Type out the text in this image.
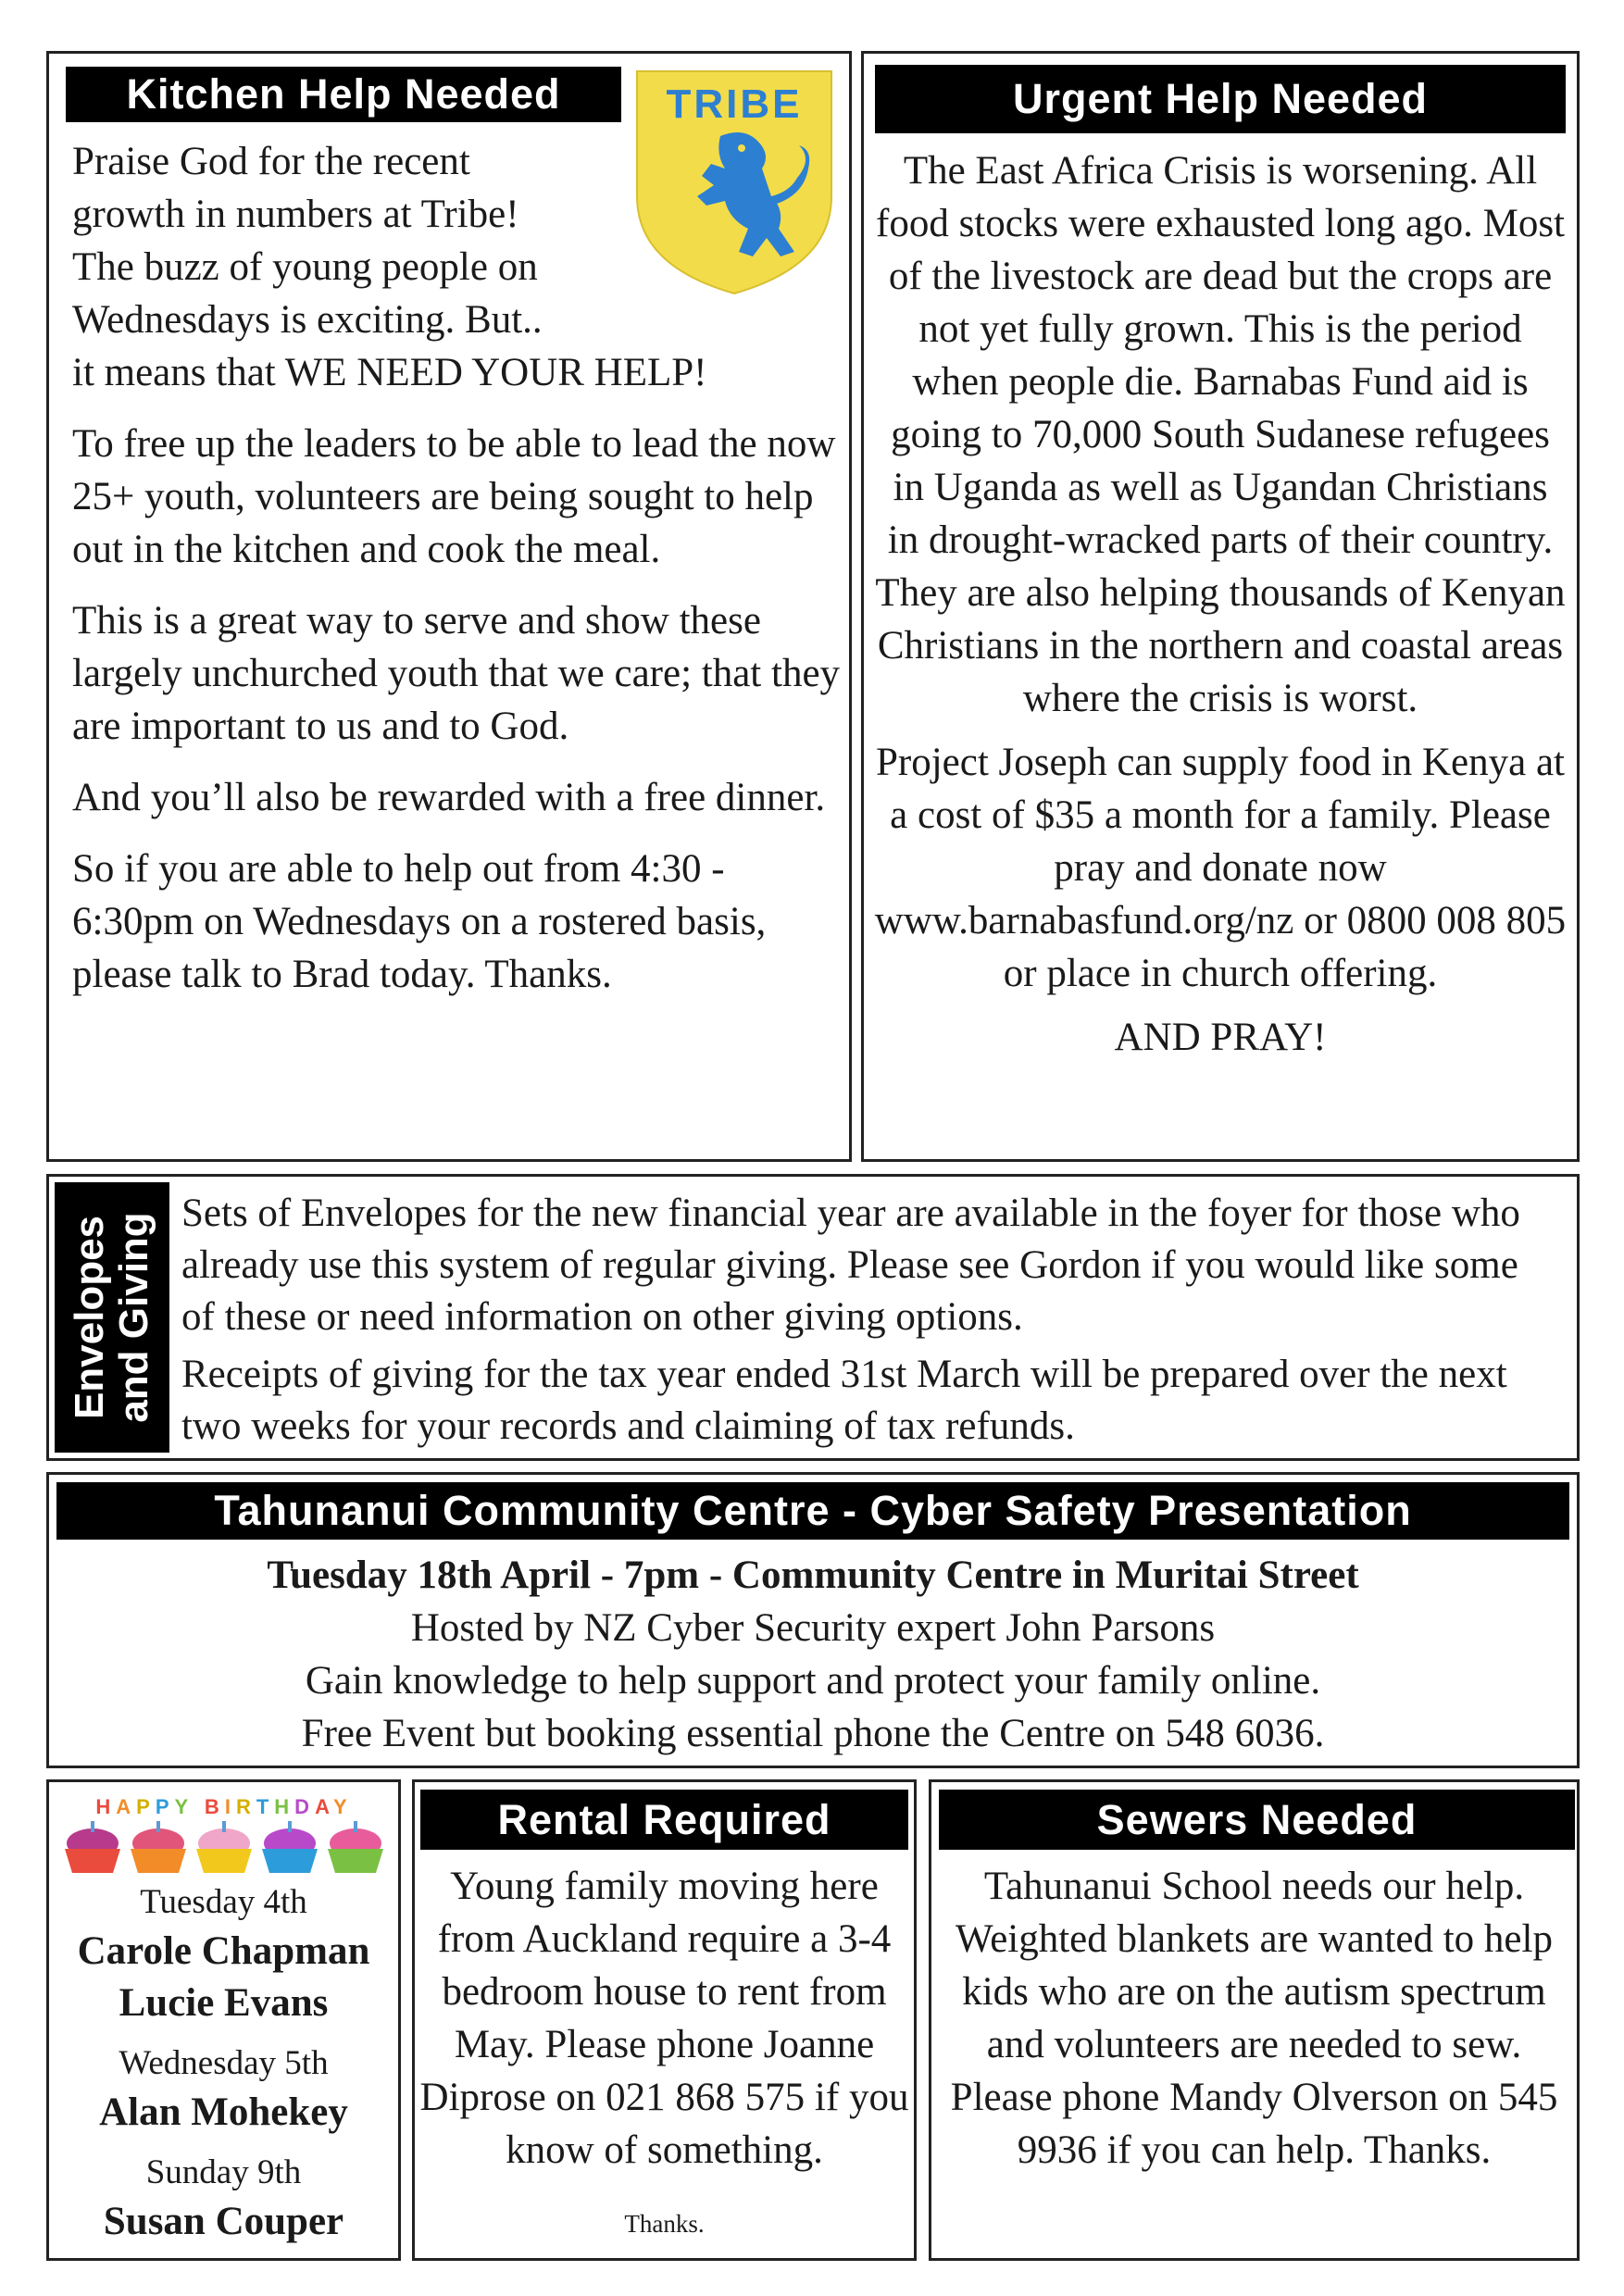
Kitchen Help Needed	TRIBE

Praise God for the recent
growth in numbers at Tribe!
The buzz of young people on
Wednesdays is exciting. But..
it means that WE NEED YOUR HELP!

To free up the leaders to be able to lead the now 25+ youth, volunteers are being sought to help out in the kitchen and cook the meal.

This is a great way to serve and show these largely unchurched youth that we care; that they are important to us and to God.

And you’ll also be rewarded with a free dinner.

So if you are able to help out from 4:30 - 6:30pm on Wednesdays on a rostered basis, please talk to Brad today. Thanks.

Urgent Help Needed

The East Africa Crisis is worsening. All food stocks were exhausted long ago. Most of the livestock are dead but the crops are not yet fully grown. This is the period when people die. Barnabas Fund aid is going to 70,000 South Sudanese refugees in Uganda as well as Ugandan Christians in drought-wracked parts of their country. They are also helping thousands of Kenyan Christians in the northern and coastal areas where the crisis is worst.

Project Joseph can supply food in Kenya at a cost of $35 a month for a family. Please pray and donate now www.barnabasfund.org/nz or 0800 008 805 or place in church offering.

AND PRAY!

Envelopes
and Giving Sets of Envelopes for the new financial year are available in the foyer for those who already use this system of regular giving. Please see Gordon if you would like some of these or need information on other giving options.

Receipts of giving for the tax year ended 31st March will be prepared over the next two weeks for your records and claiming of tax refunds.

Tahunanui Community Centre - Cyber Safety Presentation
Tuesday 18th April - 7pm - Community Centre in Muritai Street
Hosted by NZ Cyber Security expert John Parsons
Gain knowledge to help support and protect your family online.
Free Event but booking essential phone the Centre on 548 6036.
HAPPY BIRTHDAY
Tuesday 4th
Carole Chapman
Lucie Evans
Wednesday 5th
Alan Mohekey
Sunday 9th
Susan Couper
Rental Required
Young family moving here from Auckland require a 3-4 bedroom house to rent from May. Please phone Joanne Diprose on 021 868 575 if you know of something.
Thanks.
Sewers Needed
Tahunanui School needs our help. Weighted blankets are wanted to help kids who are on the autism spectrum and volunteers are needed to sew.
Please phone Mandy Olverson on 545 9936 if you can help. Thanks.
